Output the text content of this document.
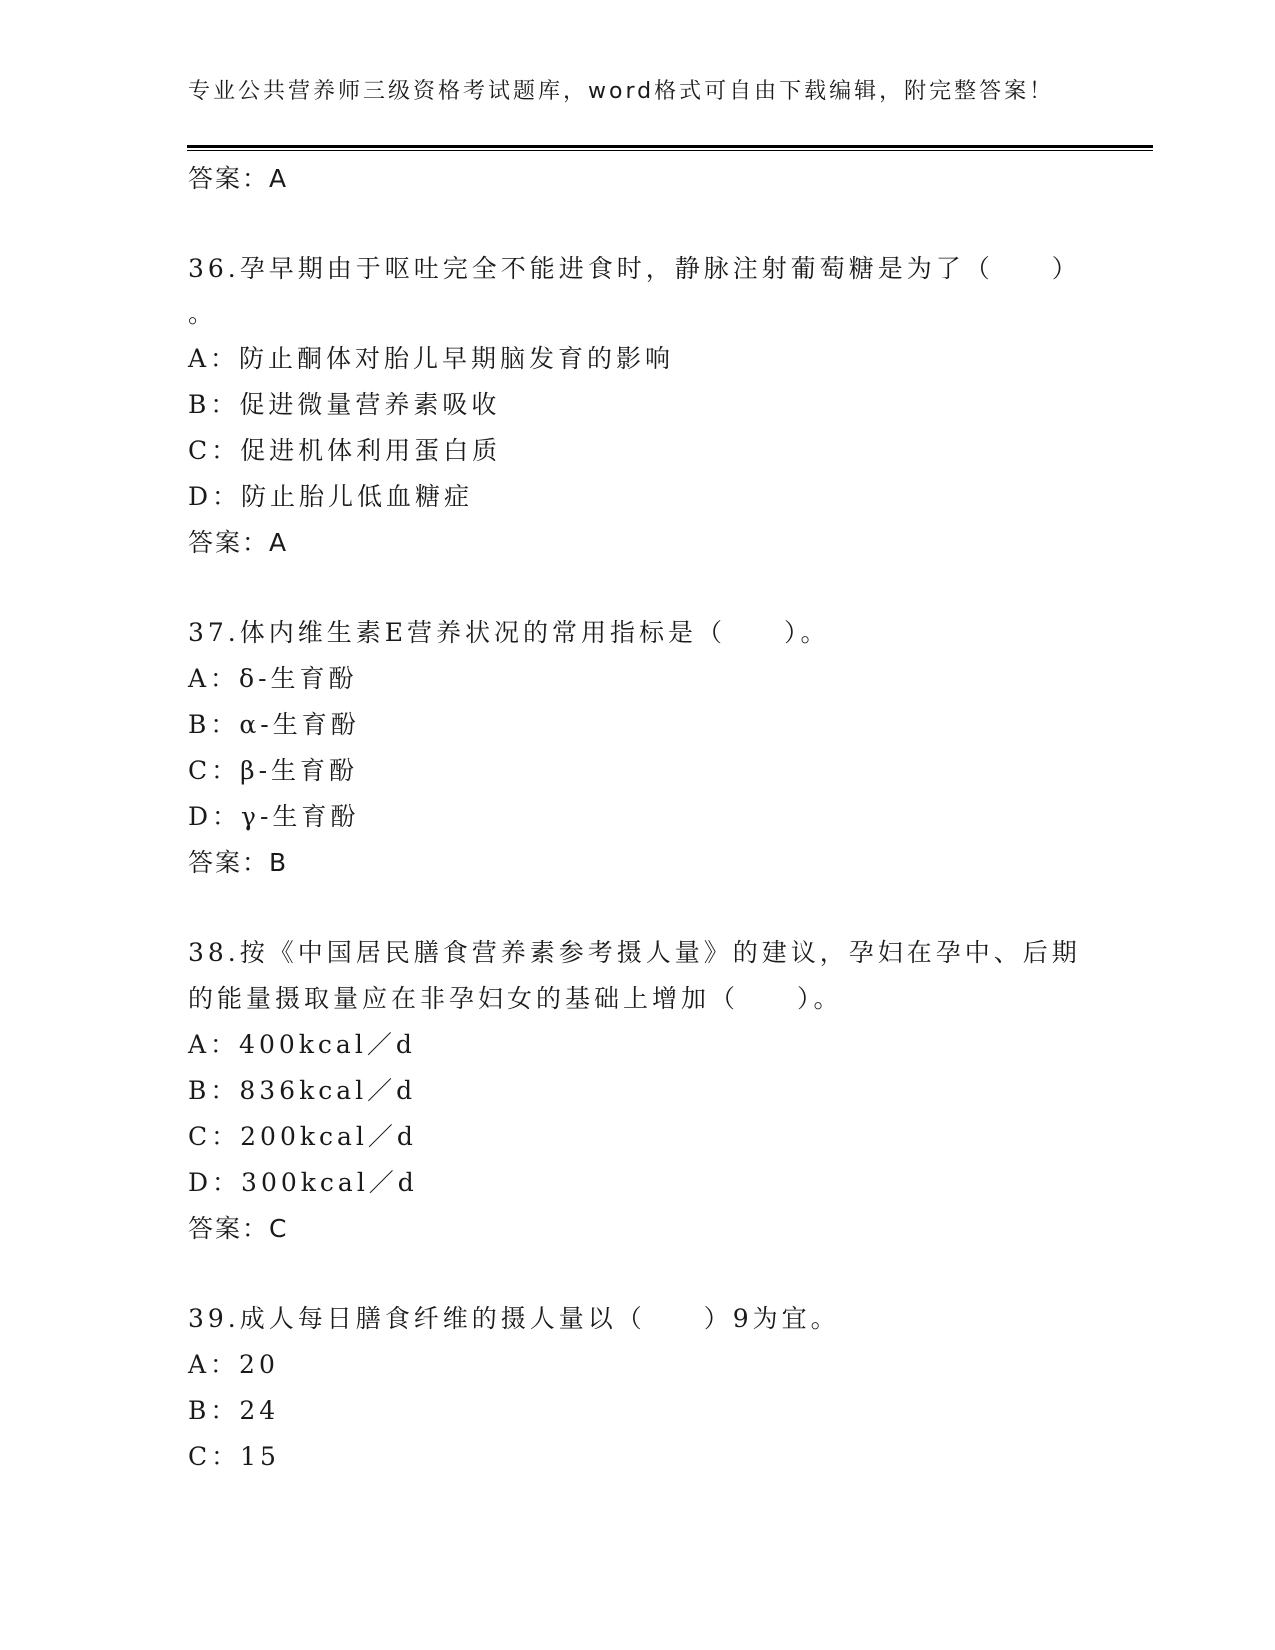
专业公共营养师三级资格考试题库，word格式可自由下载编辑，附完整答案！
答案：A
36.孕早期由于呕吐完全不能进食时，静脉注射葡萄糖是为了（　　）
。
A：防止酮体对胎儿早期脑发育的影响
B：促进微量营养素吸收
C：促进机体利用蛋白质
D：防止胎儿低血糖症
答案：A
37.体内维生素E营养状况的常用指标是（　　）。
A：δ-生育酚
B：α-生育酚
C：β-生育酚
D：γ-生育酚
答案：B
38.按《中国居民膳食营养素参考摄人量》的建议，孕妇在孕中、后期
的能量摄取量应在非孕妇女的基础上增加（　　）。
A：400kcal／d
B：836kcal／d
C：200kcal／d
D：300kcal／d
答案：C
39.成人每日膳食纤维的摄人量以（　　）9为宜。
A：20
B：24
C：15
